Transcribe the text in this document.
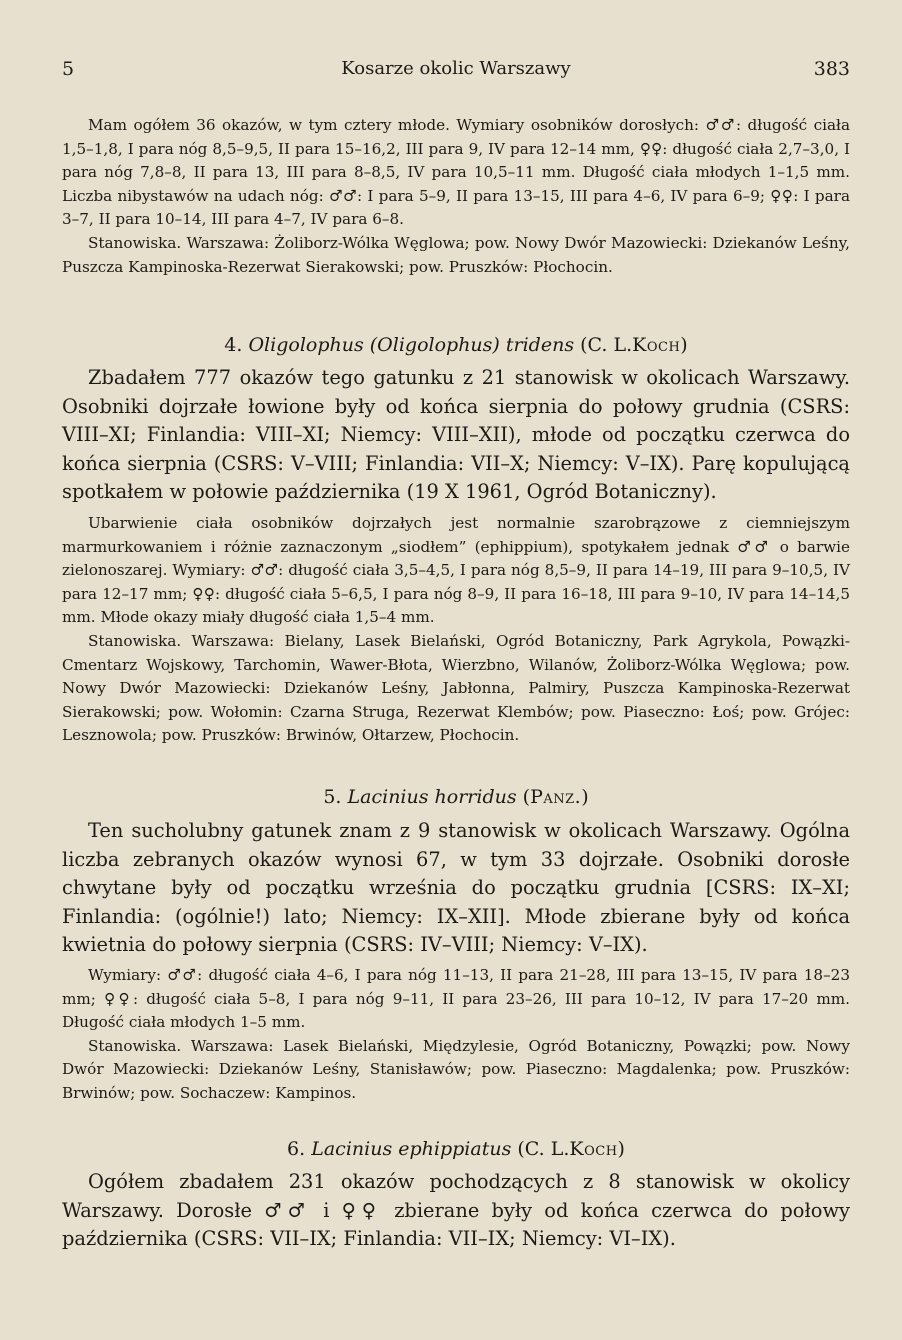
5	Kosarze okolic Warszawy	383

Mam ogółem 36 okazów, w tym cztery młode. Wymiary osobników dorosłych: ♂♂: długość ciała 1,5–1,8, I para nóg 8,5–9,5, II para 15–16,2, III para 9, IV para 12–14 mm, ♀♀: długość ciała 2,7–3,0, I para nóg 7,8–8, II para 13, III para 8–8,5, IV para 10,5–11 mm. Długość ciała młodych 1–1,5 mm. Liczba nibystawów na udach nóg: ♂♂: I para 5–9, II para 13–15, III para 4–6, IV para 6–9; ♀♀: I para 3–7, II para 10–14, III para 4–7, IV para 6–8.

Stanowiska. Warszawa: Żoliborz-Wólka Węglowa; pow. Nowy Dwór Mazowiecki: Dziekanów Leśny, Puszcza Kampinoska-Rezerwat Sierakowski; pow. Pruszków: Płochocin.

4. Oligolophus (Oligolophus) tridens (C. L.Koch)

Zbadałem 777 okazów tego gatunku z 21 stanowisk w okolicach Warszawy. Osobniki dojrzałe łowione były od końca sierpnia do połowy grudnia (CSRS: VIII–XI; Finlandia: VIII–XI; Niemcy: VIII–XII), młode od początku czerwca do końca sierpnia (CSRS: V–VIII; Finlandia: VII–X; Niemcy: V–IX). Parę kopulującą spotkałem w połowie października (19 X 1961, Ogród Botaniczny).

Ubarwienie ciała osobników dojrzałych jest normalnie szarobrązowe z ciemniejszym marmurkowaniem i różnie zaznaczonym „siodłem” (ephippium), spotykałem jednak ♂♂ o barwie zielonoszarej. Wymiary: ♂♂: długość ciała 3,5–4,5, I para nóg 8,5–9, II para 14–19, III para 9–10,5, IV para 12–17 mm; ♀♀: długość ciała 5–6,5, I para nóg 8–9, II para 16–18, III para 9–10, IV para 14–14,5 mm. Młode okazy miały długość ciała 1,5–4 mm.

Stanowiska. Warszawa: Bielany, Lasek Bielański, Ogród Botaniczny, Park Agrykola, Powązki-Cmentarz Wojskowy, Tarchomin, Wawer-Błota, Wierzbno, Wilanów, Żoliborz-Wólka Węglowa; pow. Nowy Dwór Mazowiecki: Dziekanów Leśny, Jabłonna, Palmiry, Puszcza Kampinoska-Rezerwat Sierakowski; pow. Wołomin: Czarna Struga, Rezerwat Klembów; pow. Piaseczno: Łoś; pow. Grójec: Lesznowola; pow. Pruszków: Brwinów, Ołtarzew, Płochocin.

5. Lacinius horridus (Panz.)

Ten sucholubny gatunek znam z 9 stanowisk w okolicach Warszawy. Ogólna liczba zebranych okazów wynosi 67, w tym 33 dojrzałe. Osobniki dorosłe chwytane były od początku września do początku grudnia [CSRS: IX–XI; Finlandia: (ogólnie!) lato; Niemcy: IX–XII]. Młode zbierane były od końca kwietnia do połowy sierpnia (CSRS: IV–VIII; Niemcy: V–IX).

Wymiary: ♂♂: długość ciała 4–6, I para nóg 11–13, II para 21–28, III para 13–15, IV para 18–23 mm; ♀♀: długość ciała 5–8, I para nóg 9–11, II para 23–26, III para 10–12, IV para 17–20 mm. Długość ciała młodych 1–5 mm.

Stanowiska. Warszawa: Lasek Bielański, Międzylesie, Ogród Botaniczny, Powązki; pow. Nowy Dwór Mazowiecki: Dziekanów Leśny, Stanisławów; pow. Piaseczno: Magdalenka; pow. Pruszków: Brwinów; pow. Sochaczew: Kampinos.

6. Lacinius ephippiatus (C. L.Koch)

Ogółem zbadałem 231 okazów pochodzących z 8 stanowisk w okolicy Warszawy. Dorosłe ♂♂ i ♀♀ zbierane były od końca czerwca do połowy października (CSRS: VII–IX; Finlandia: VII–IX; Niemcy: VI–IX).
